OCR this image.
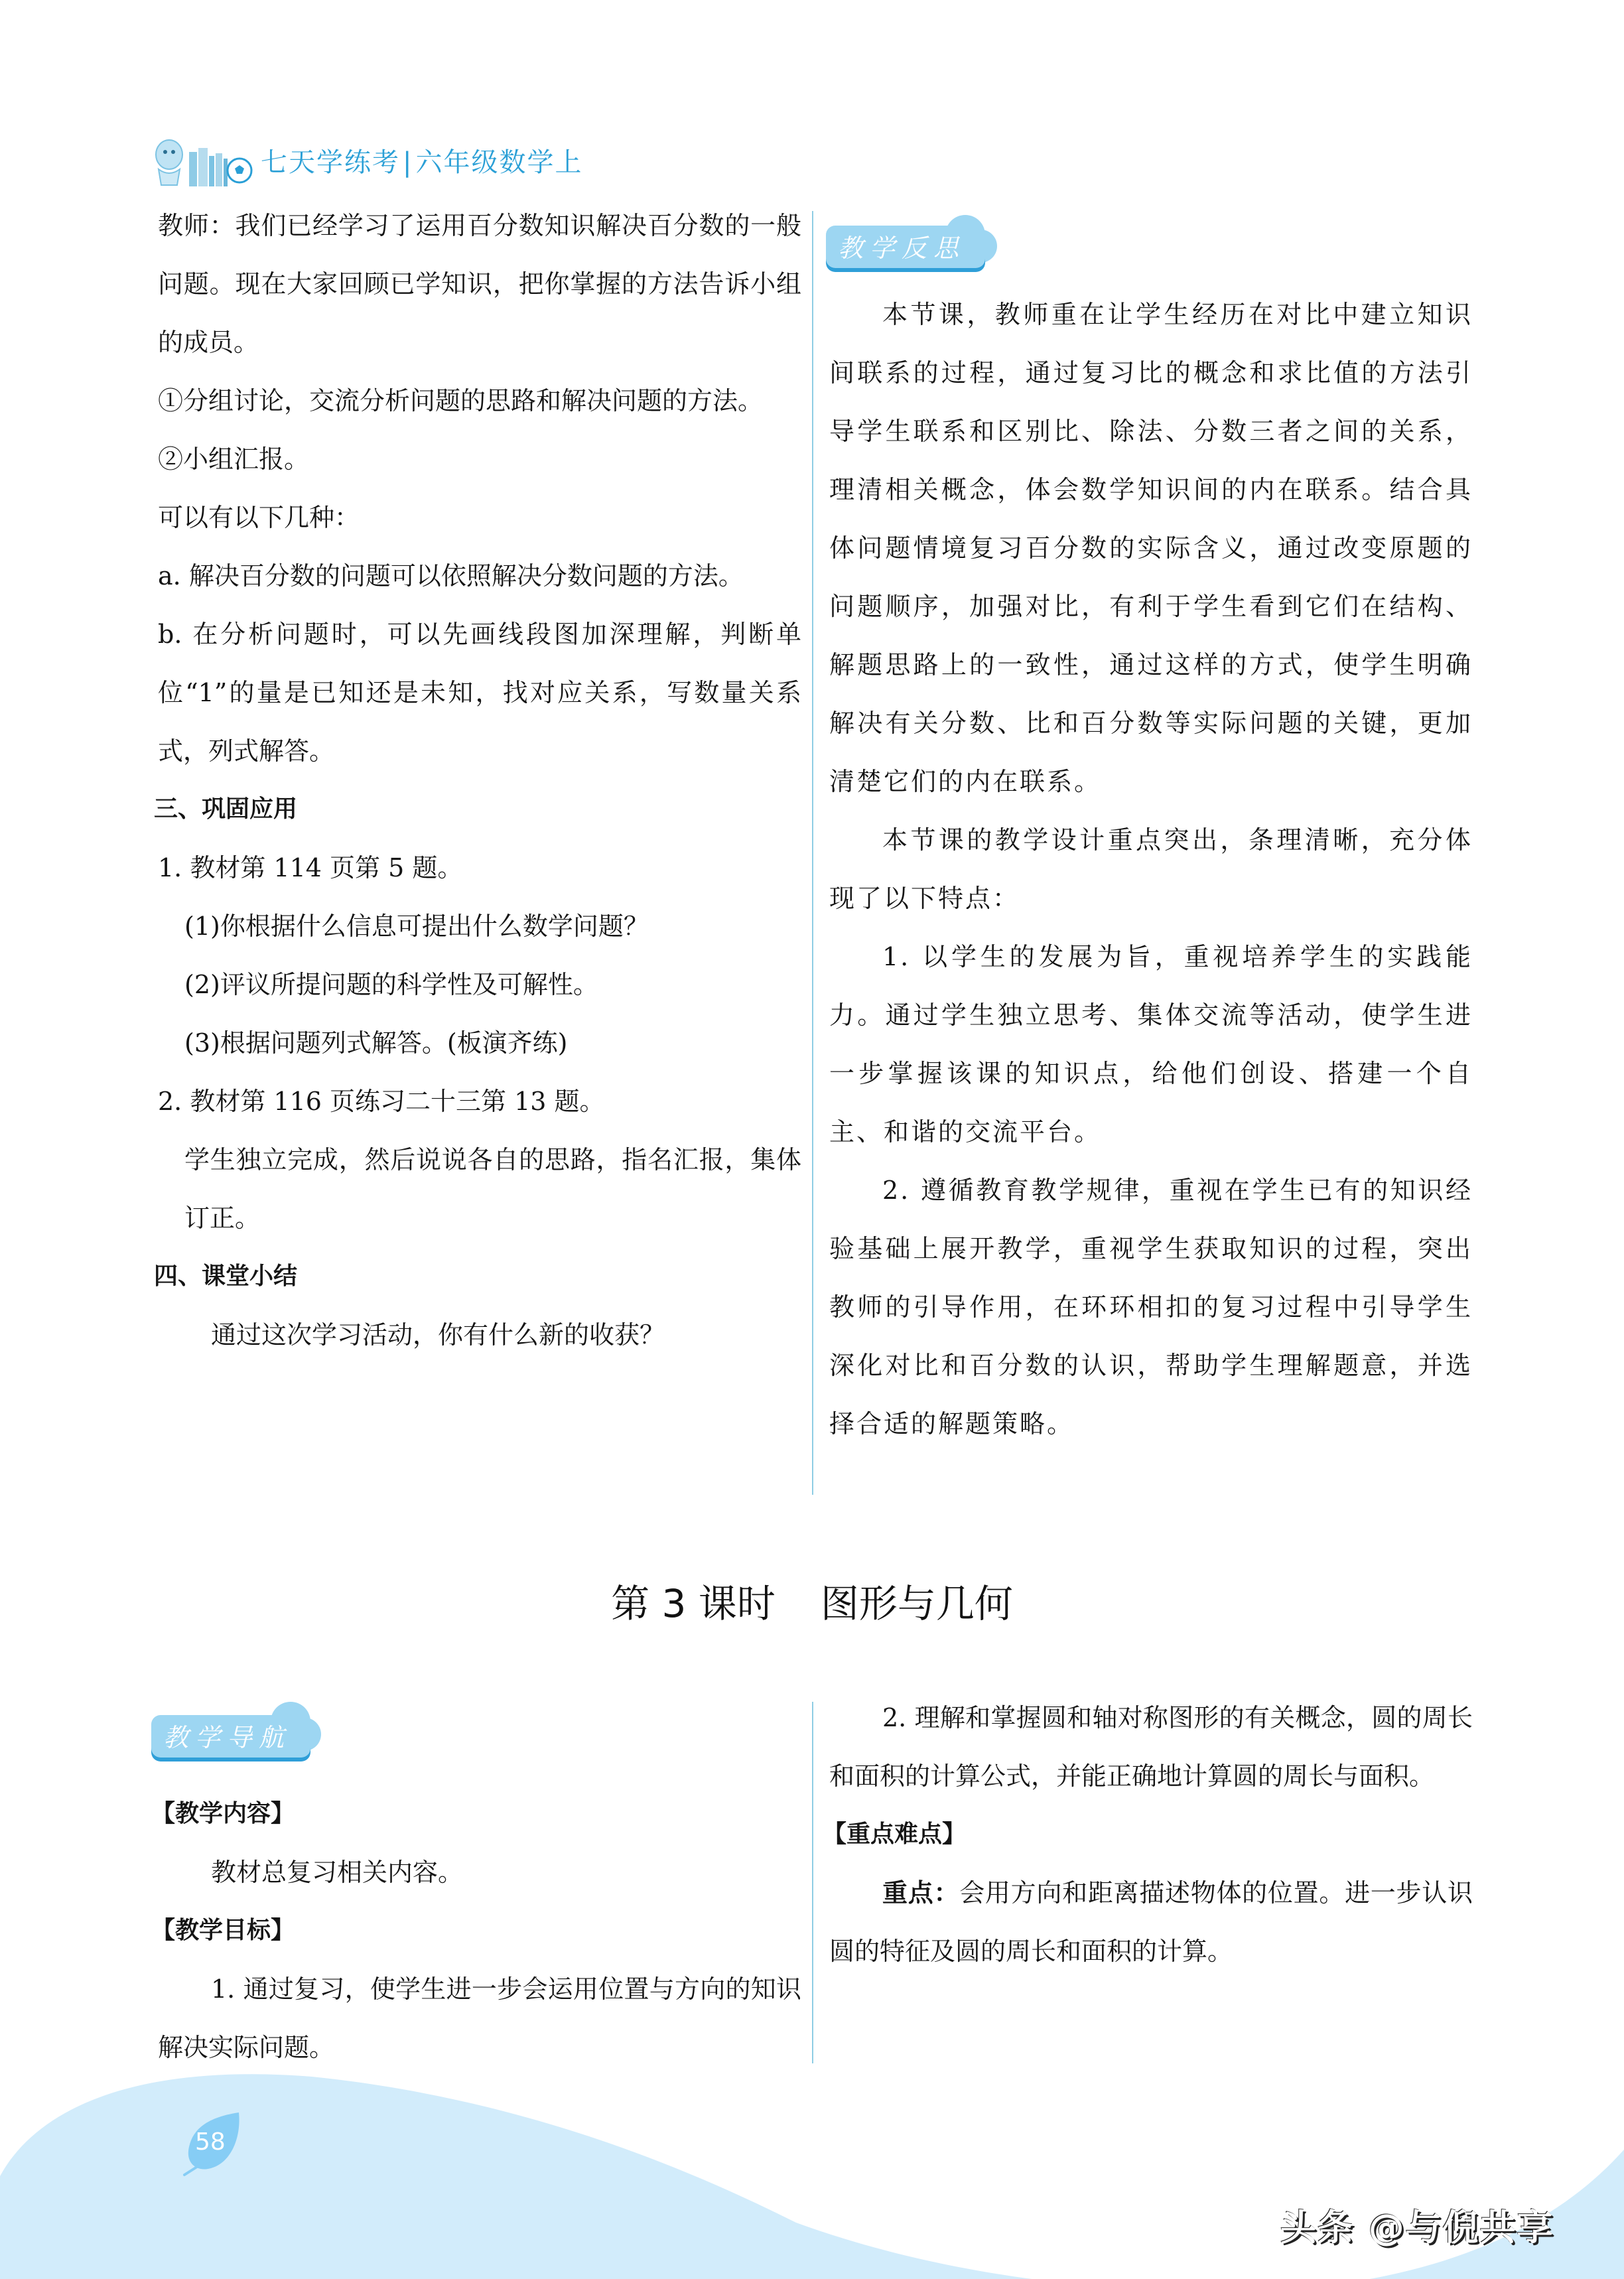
七天学练考 | 六年级数学上

教师：我们已经学习了运用百分数知识解决百分数的一般问题。现在大家回顾已学知识，把你掌握的方法告诉小组的成员。

①分组讨论，交流分析问题的思路和解决问题的方法。

②小组汇报。

可以有以下几种：

a. 解决百分数的问题可以依照解决分数问题的方法。

b. 在分析问题时，可以先画线段图加深理解，判断单位“1”的量是已知还是未知，找对应关系，写数量关系式，列式解答。

三、巩固应用

1. 教材第 114 页第 5 题。

(1)你根据什么信息可提出什么数学问题？

(2)评议所提问题的科学性及可解性。

(3)根据问题列式解答。(板演齐练)

2. 教材第 116 页练习二十三第 13 题。

学生独立完成，然后说说各自的思路，指名汇报，集体订正。

四、课堂小结

通过这次学习活动，你有什么新的收获？

教学反思

本节课，教师重在让学生经历在对比中建立知识间联系的过程，通过复习比的概念和求比值的方法引导学生联系和区别比、除法、分数三者之间的关系，理清相关概念，体会数学知识间的内在联系。结合具体问题情境复习百分数的实际含义，通过改变原题的问题顺序，加强对比，有利于学生看到它们在结构、解题思路上的一致性，通过这样的方式，使学生明确解决有关分数、比和百分数等实际问题的关键，更加清楚它们的内在联系。

本节课的教学设计重点突出，条理清晰，充分体现了以下特点：

1. 以学生的发展为旨，重视培养学生的实践能力。通过学生独立思考、集体交流等活动，使学生进一步掌握该课的知识点，给他们创设、搭建一个自主、和谐的交流平台。

2. 遵循教育教学规律，重视在学生已有的知识经验基础上展开教学，重视学生获取知识的过程，突出教师的引导作用，在环环相扣的复习过程中引导学生深化对比和百分数的认识，帮助学生理解题意，并选择合适的解题策略。

第 3 课时 图形与几何
教学导航

【教学内容】

教材总复习相关内容。

【教学目标】

1. 通过复习，使学生进一步会运用位置与方向的知识解决实际问题。

2. 理解和掌握圆和轴对称图形的有关概念，圆的周长和面积的计算公式，并能正确地计算圆的周长与面积。

【重点难点】

重点：会用方向和距离描述物体的位置。进一步认识圆的特征及圆的周长和面积的计算。

58
头条 @与倪共享
